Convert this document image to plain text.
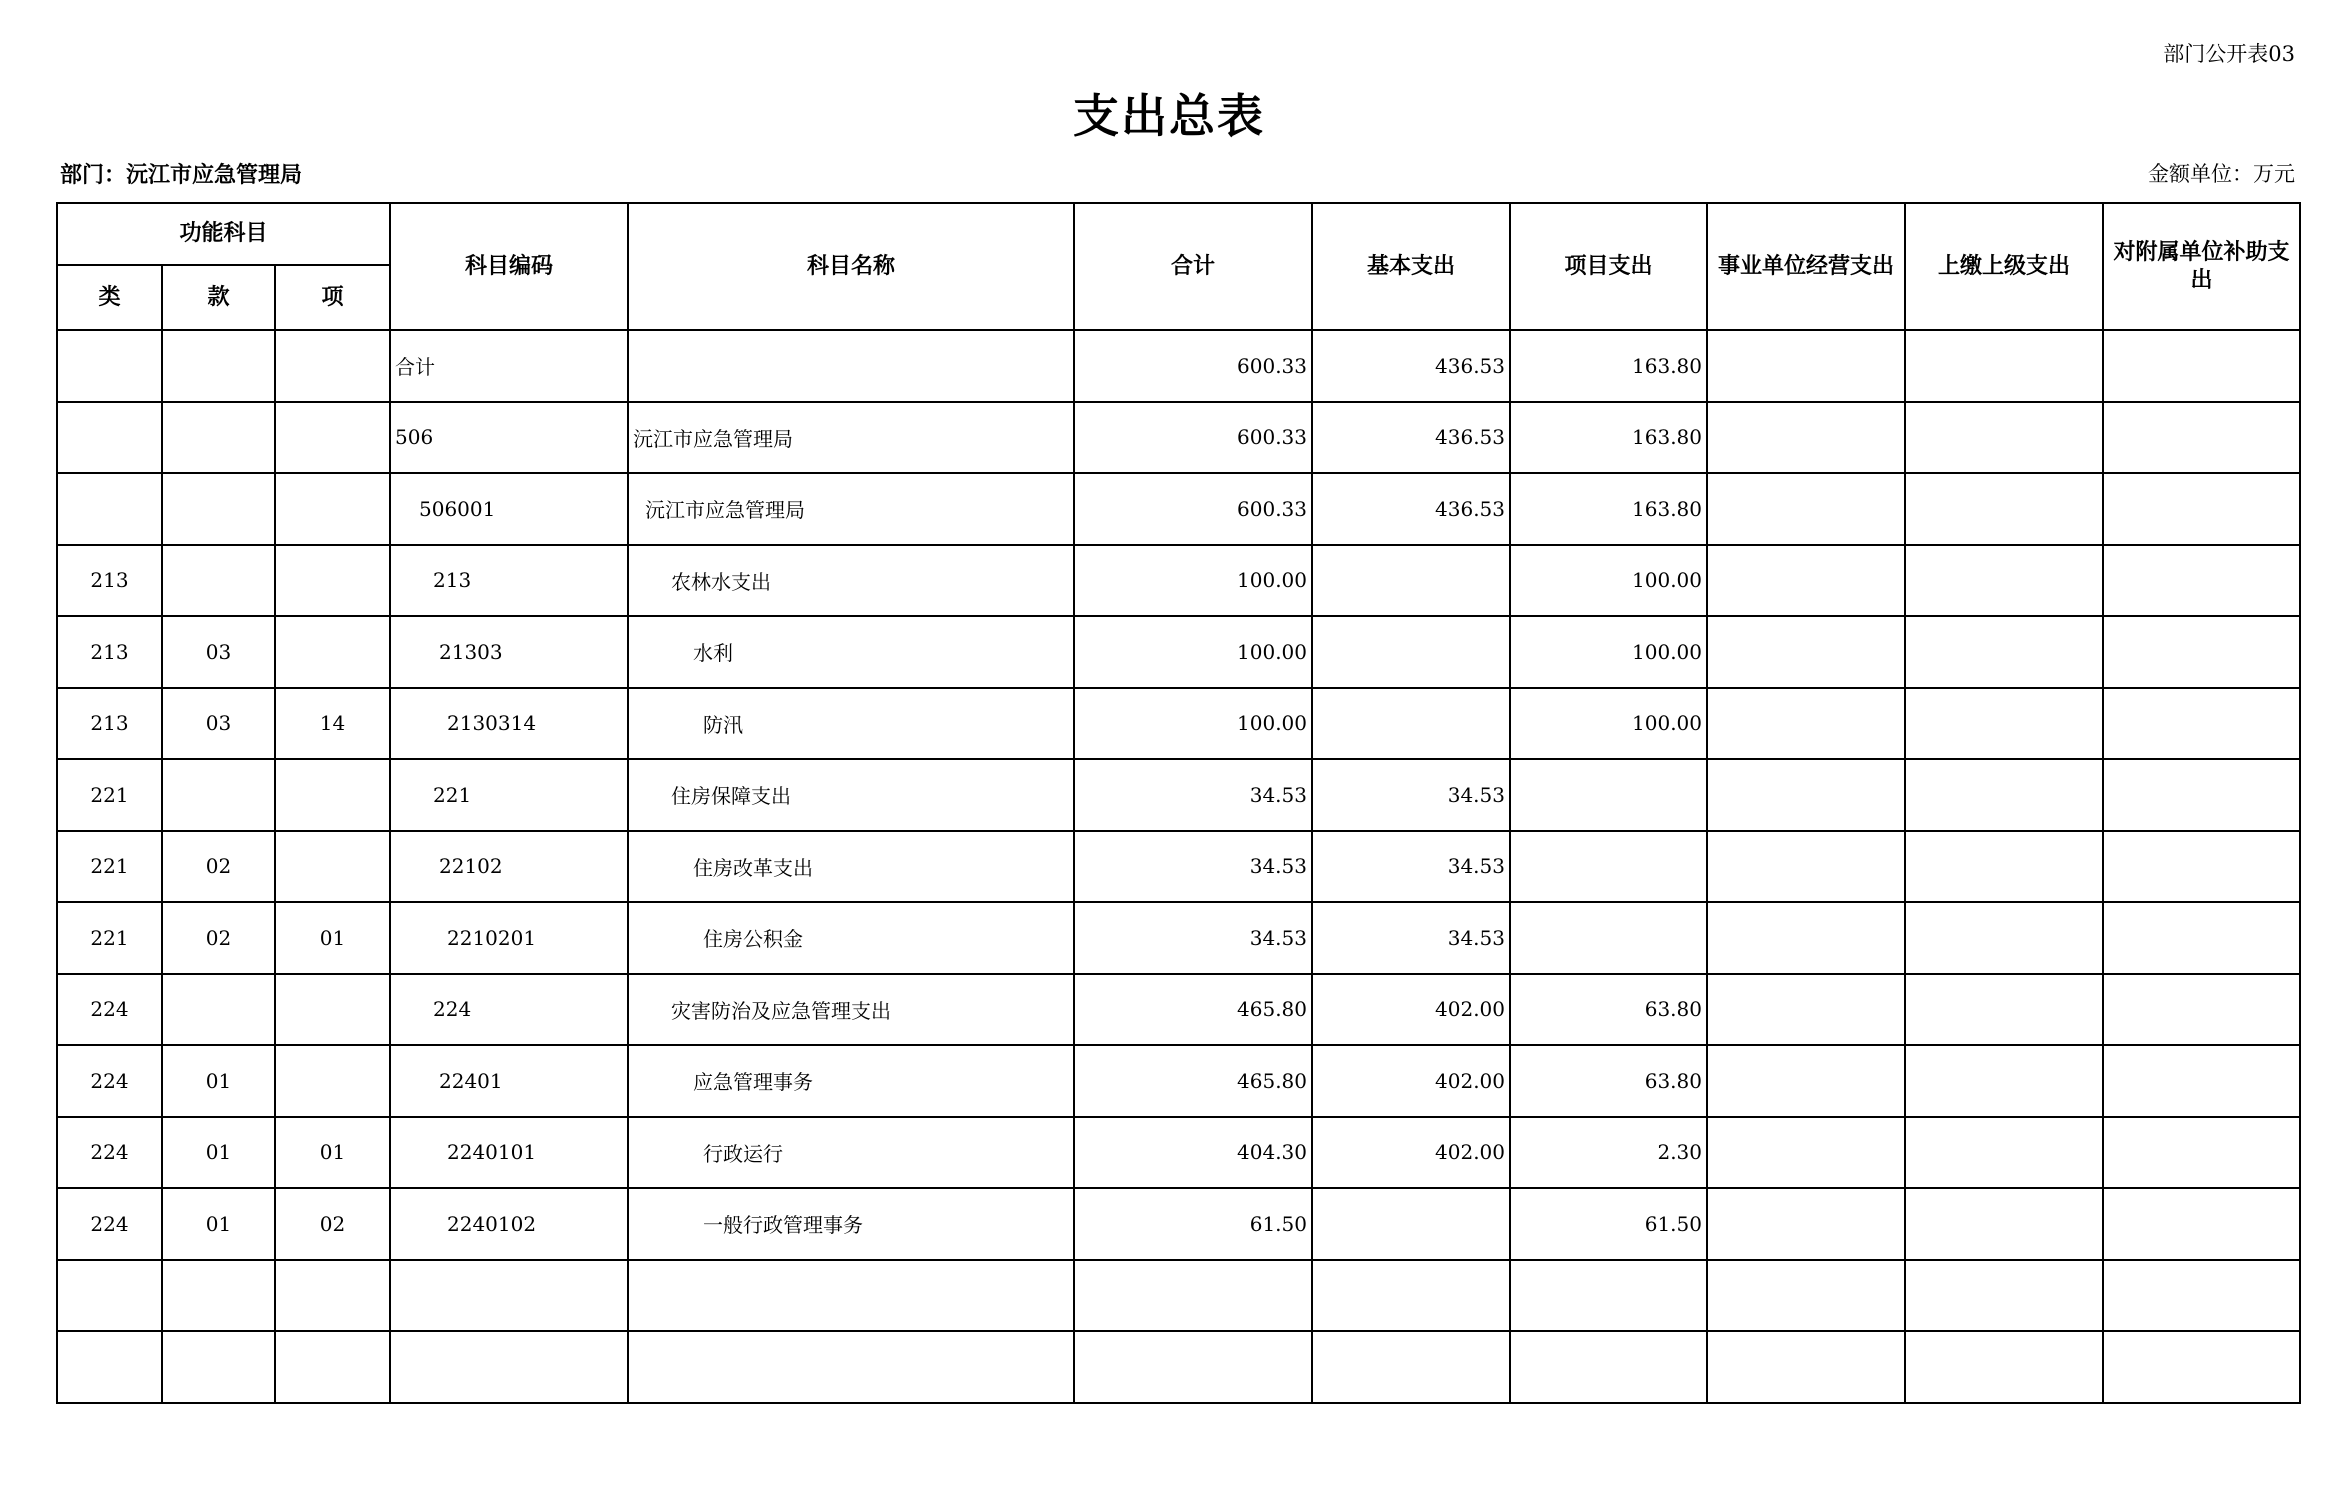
部门公开表03
支出总表
部门：沅江市应急管理局	金额单位：万元
功能科目			科目编码	科目名称	合计	基本支出	项目支出	事业单位经营支出	上缴上级支出	对附属单位补助支出
类	款	项								
			合计		600.33	436.53	163.80			
			506	沅江市应急管理局	600.33	436.53	163.80			
			506001	沅江市应急管理局	600.33	436.53	163.80			
213			213	农林水支出	100.00		100.00			
213	03		21303	水利	100.00		100.00			
213	03	14	2130314	防汛	100.00		100.00			
221			221	住房保障支出	34.53	34.53				
221	02		22102	住房改革支出	34.53	34.53				
221	02	01	2210201	住房公积金	34.53	34.53				
224			224	灾害防治及应急管理支出	465.80	402.00	63.80			
224	01		22401	应急管理事务	465.80	402.00	63.80			
224	01	01	2240101	行政运行	404.30	402.00	2.30			
224	01	02	2240102	一般行政管理事务	61.50		61.50			
